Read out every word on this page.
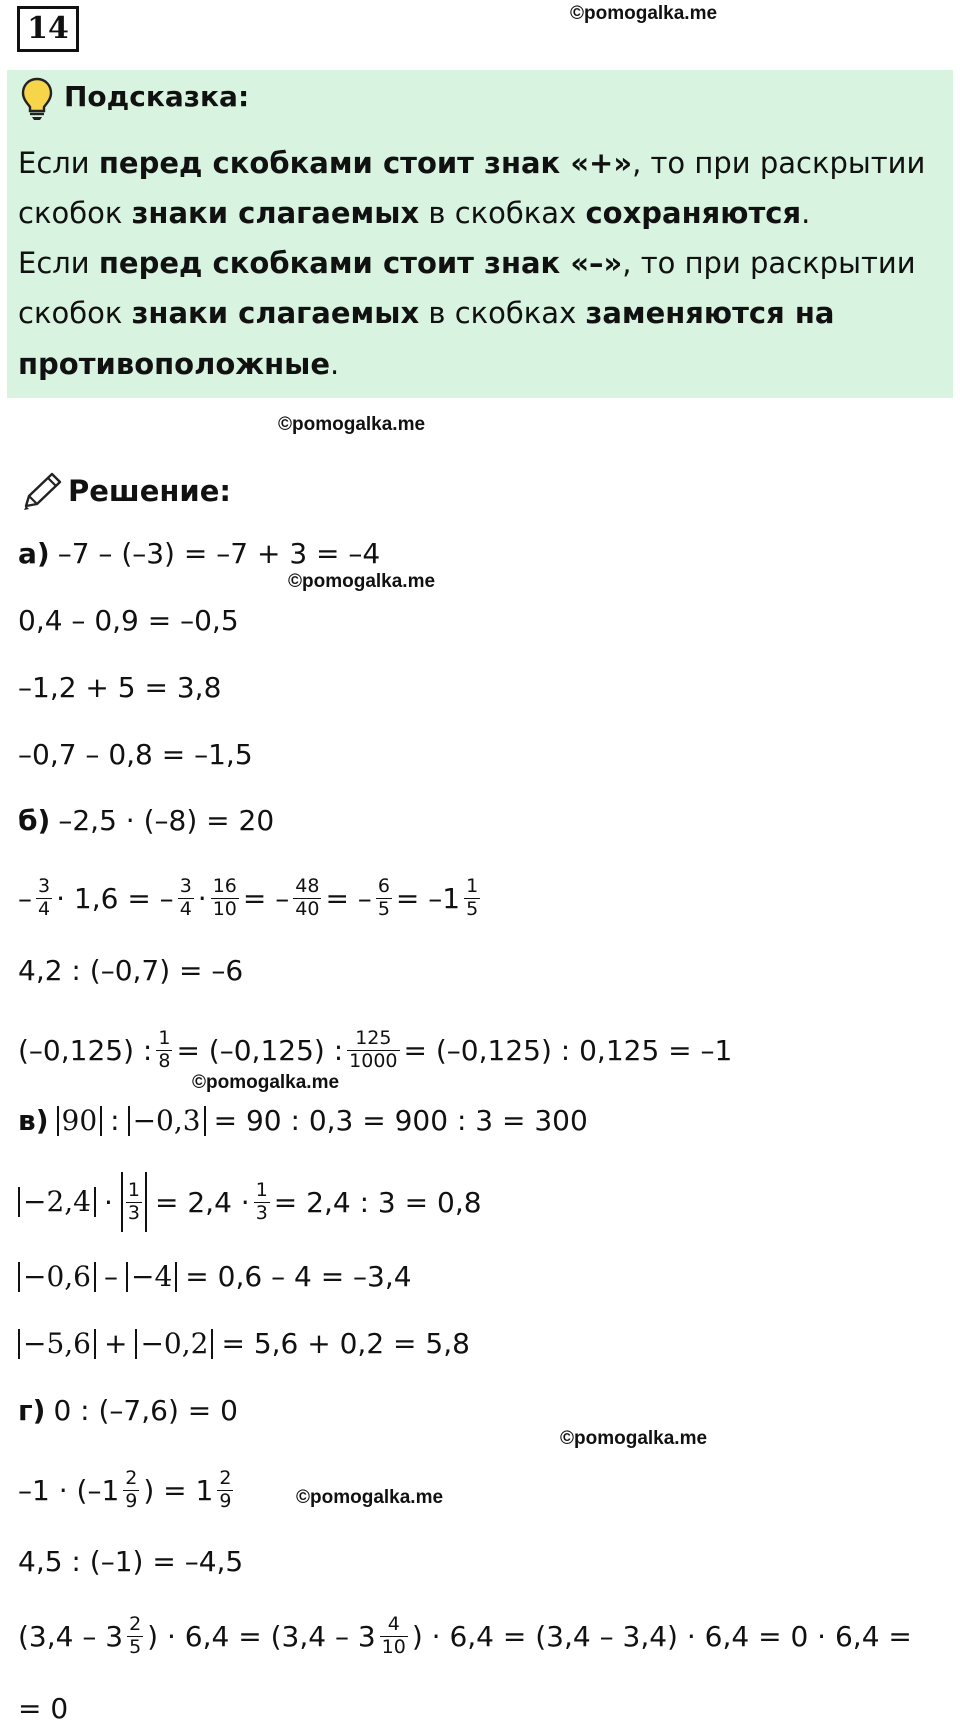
14	©pomogalka.me
Подсказка:
Если перед скобками стоит знак «+», то при раскрытии
скобок знаки слагаемых в скобках сохраняются.
Если перед скобками стоит знак «–», то при раскрытии
скобок знаки слагаемых в скобках заменяются на
противоположные.
©pomogalka.me
Решение:
а) –7 – (–3) = –7 + 3 = –4
©pomogalka.me
0,4 – 0,9 = –0,5
–1,2 + 5 = 3,8
–0,7 – 0,8 = –1,5
б) –2,5 · (–8) = 20
– $\frac{3}{4} \cdot 1,6$ = – $\frac{3}{4} \cdot \frac{16}{10}$ = – $\frac{48}{40}$ = – $\frac{6}{5} = -1 \frac{1}{5}$
4,2 : (–0,7) = –6
(–0,125) : $\frac{1}{8} = (-0,125)$ : $\frac{125}{1000} = (-0,125)$ : 0,125 = –1
©pomogalka.me
в) 90 : −0,3 = 90 : 0,3 = 900 : 3 = 300
$-2,4 \cdot \frac{1}{3} = 2,4 \cdot \frac{1}{3} = 2,4$ : 3 = 0,8
−0,6 – −4 = 0,6 – 4 = –3,4
−5,6 + −0,2 = 5,6 + 0,2 = 5,8
г) 0 : (–7,6) = 0
©pomogalka.me
$-1 \cdot (-1 \frac{2}{9}$ ) = $1 \frac{2}{9}$	©pomogalka.me
4,5 : (–1) = –4,5
($3,4 - 3 \frac{2}{5}$ ) · $6,4 = (3,4 - 3 \frac{4}{10}$ ) · 6,4 = (3,4 – 3,4) · 6,4 = 0 · 6,4 =
= 0
